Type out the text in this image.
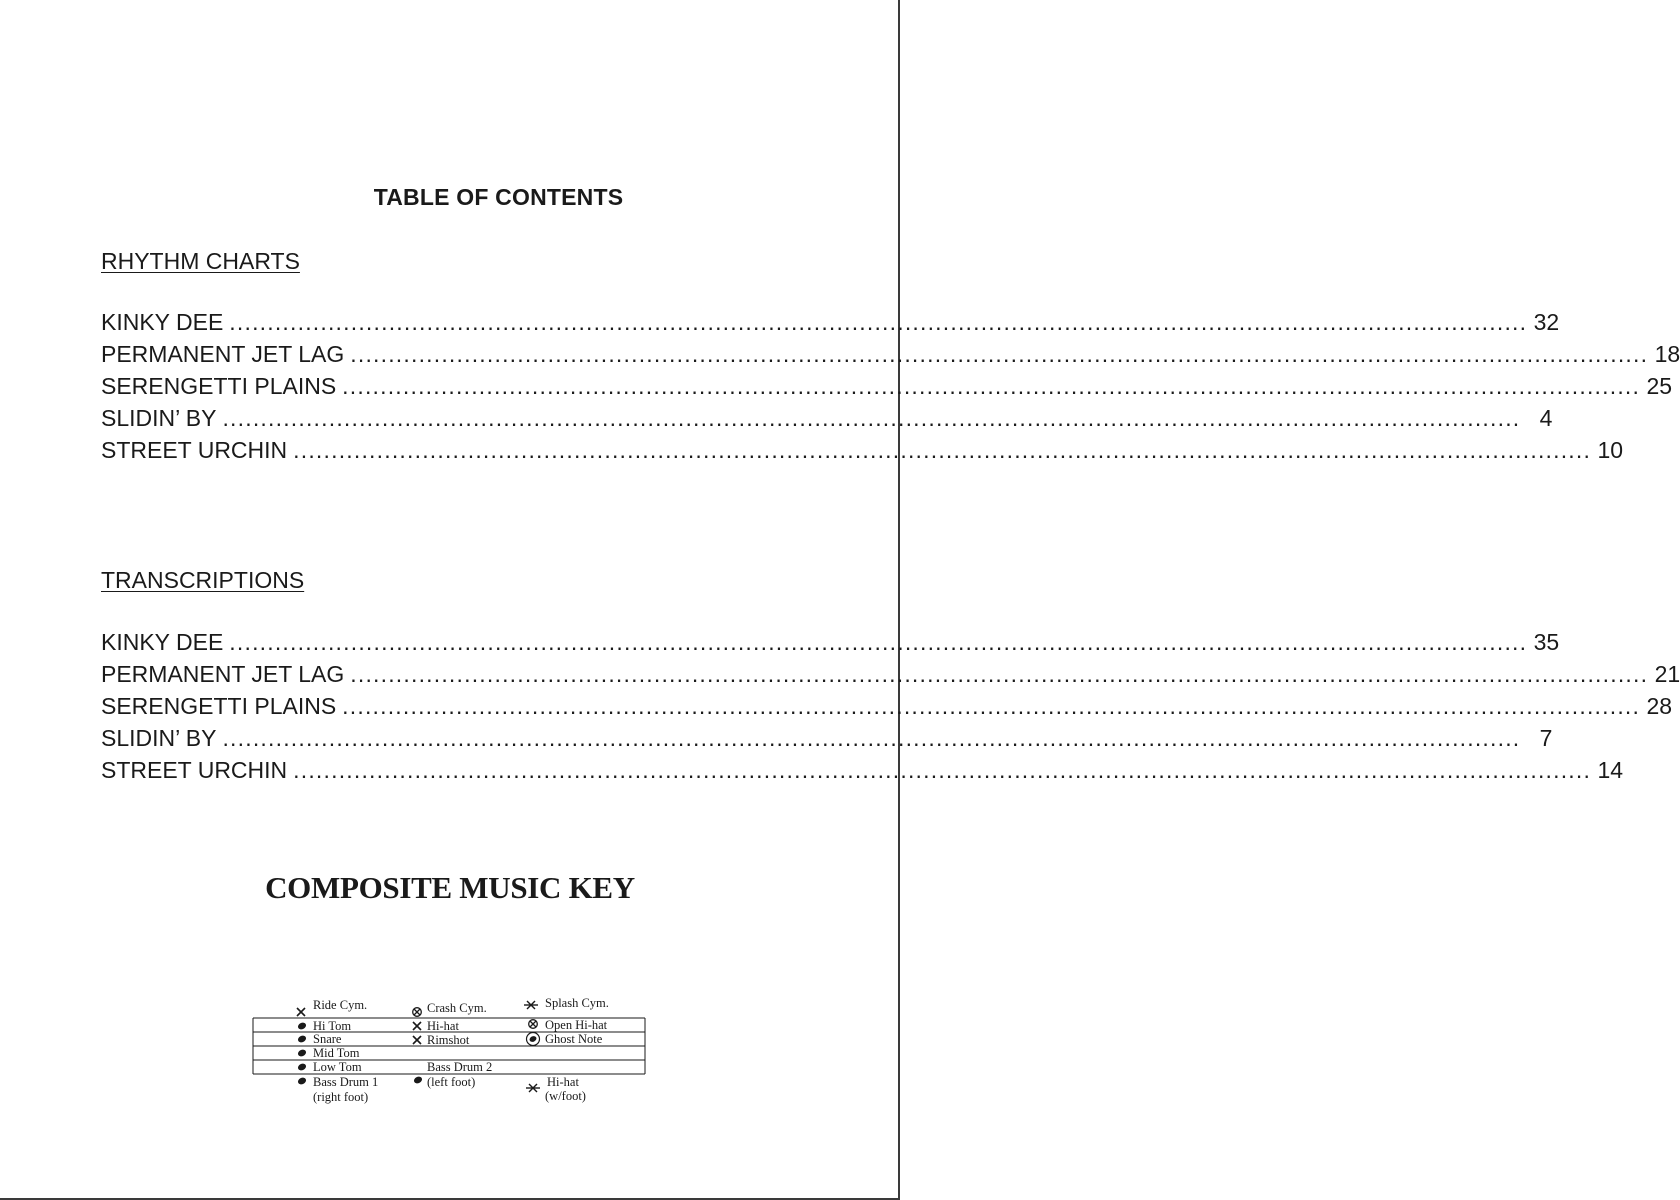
TABLE OF CONTENTS
RHYTHM CHARTS
KINKY DEE ........................................................................................................................................................................... 32
PERMANENT JET LAG ........................................................................................................................................................................... 18
SERENGETTI PLAINS ........................................................................................................................................................................... 25
SLIDIN’ BY ........................................................................................................................................................................... 4
STREET URCHIN ........................................................................................................................................................................... 10
TRANSCRIPTIONS
KINKY DEE ........................................................................................................................................................................... 35
PERMANENT JET LAG ........................................................................................................................................................................... 21
SERENGETTI PLAINS ........................................................................................................................................................................... 28
SLIDIN’ BY ........................................................................................................................................................................... 7
STREET URCHIN ........................................................................................................................................................................... 14
COMPOSITE MUSIC KEY
Ride Cym.
Hi Tom
Snare
Mid Tom
Low Tom
Bass Drum 1
(right foot)
Crash Cym.
Hi-hat
Rimshot
Bass Drum 2
(left foot)
Splash Cym.
Open Hi-hat
Ghost Note
Hi-hat
(w/foot)
